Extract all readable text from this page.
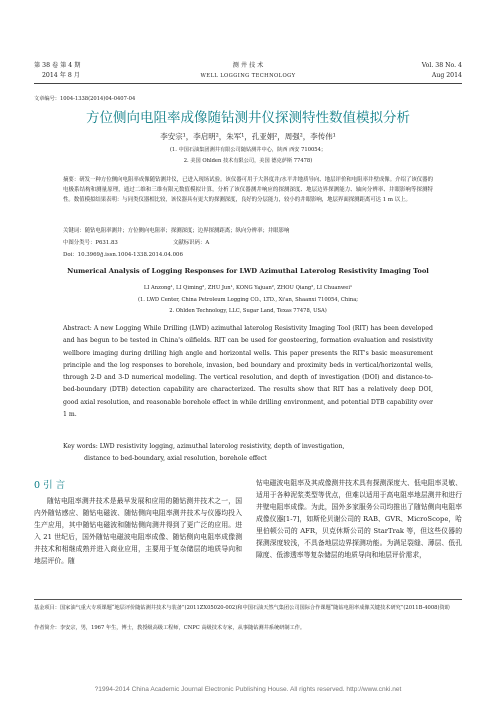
第 38 卷 第 4 期
2014 年 8 月
测 井 技 术
WELL LOGGING TECHNOLOGY
Vol. 38 No. 4
Aug 2014
文章编号：1004-1338(2014)04-0407-04
方位侧向电阻率成像随钻测井仪探测特性数值模拟分析
李安宗¹，李启明²，朱军¹，孔亚娟²，周强²，李传伟¹
(1. 中国石油集团测井有限公司随钻测井中心，陕西 西安 710054；
2. 美国 Ohlden 技术有限公司，美国 德克萨斯 77478)
摘要：研发一种方位侧向电阻率成像随钻测井仪，已进入现场试验。该仪器可用于大斜度井/水平井地质导向、地层评价和电阻率井壁成像。介绍了该仪器的电极系结构和测量原理，通过二维和三维有限元数值模拟计算，分析了该仪器测井响应的探测深度、地层边界探测能力、轴向分辨率、井眼影响等探测特性。数值模拟结果表明：与同类仪器相比较，该仪器具有更大的探测深度，良好的分层能力，较小的井眼影响，地层界面探测距离可达 1 m 以上。
关键词：随钻电阻率测井；方位侧向电阻率；探测深度；边界探测距离；纵向分辨率；井眼影响
中图分类号：P631.83	文献标识码：A
Doi：10.3969/j.issn.1004-1338.2014.04.006
Numerical Analysis of Logging Responses for LWD Azimuthal Laterolog Resistivity Imaging Tool
LI Anzong¹, LI Qiming², ZHU Jun¹, KONG Yajuan², ZHOU Qiang², LI Chuanwei¹
(1. LWD Center, China Petroleum Logging CO., LTD., Xi'an, Shaanxi 710054, China;
2. Ohlden Technology, LLC, Sugar Land, Texas 77478, USA)
Abstract: A new Logging While Drilling (LWD) azimuthal laterolog Resistivity Imaging Tool (RIT) has been developed and has begun to be tested in China's oilfields. RIT can be used for geosteering, formation evaluation and resistivity wellbore imaging during drilling high angle and horizontal wells. This paper presents the RIT's basic measurement principle and the log responses to borehole, invasion, bed boundary and proximity beds in vertical/horizontal wells, through 2-D and 3-D numerical modeling. The vertical resolution, and depth of investigation (DOI) and distance-to-bed-boundary (DTB) detection capability are characterized. The results show that RIT has a relatively deep DOI, good axial resolution, and reasonable borehole effect in while drilling environment, and potential DTB capability over 1 m.
Key words: LWD resistivity logging, azimuthal laterolog resistivity, depth of investigation,
distance to bed-boundary, axial resolution, borehole effect
0 引 言
随钻电阻率测井技术是最早发展和应用的随钻测井技术之一，国内外随钻感应、随钻电磁波、随钻侧向电阻率测井技术与仪器均投入生产应用，其中随钻电磁波和随钻侧向测井得到了更广泛的应用。进入 21 世纪后，国外随钻电磁波电阻率成像、随钻侧向电阻率成像测井技术和相继成熟并进入商业应用，主要用于复杂储层的地质导向和地层评价。随
钻电磁波电阻率及其成像测井技术具有探测深度大、低电阻率灵敏、适用于各种泥浆类型等优点，但难以适用于高电阻率地层测井和进行井壁电阻率成像。为此，国外多家服务公司均推出了随钻侧向电阻率成像仪器[1-7]，如斯伦贝谢公司的 RAB、GVR、MicroScope，哈里伯顿公司的 AFR，贝克休斯公司的 StarTrak 等，但这些仪器的探测深度较浅，不具备地层边界探测功能。为满足裂缝、薄层、低孔隙度、低渗透率等复杂储层的地质导向和地层评价需求，
基金项目：国家油气重大专项课题“地层评价随钻测井技术与装备”(2011ZX05020-002)和中国石油天然气集团公司国际合作课题“随钻电阻率成像关键技术研究”(2011B-4008)资助
作者简介：李安宗，男，1967 年生，博士，教授级高级工程师，CNPC 高级技术专家，从事随钻测井系统研制工作。
?1994-2014 China Academic Journal Electronic Publishing House. All rights reserved. http://www.cnki.net
